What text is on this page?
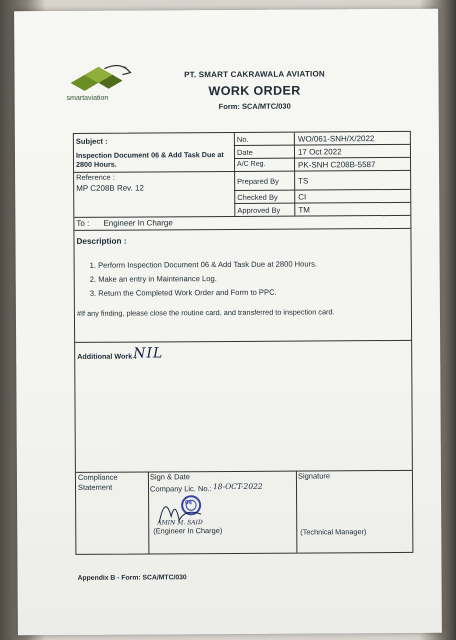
smartaviation
PT. SMART CAKRAWALA AVIATION
WORK ORDER
Form: SCA/MTC/030
Subject :
Inspection Document 06 & Add Task Due at
2800 Hours.
Reference :
MP C208B Rev. 12
No.
Date
A/C Reg.
Prepared By
Checked By
Approved By
WO/061-SNH/X/2022
17 Oct 2022
PK-SNH C208B-5587
TS
CI
TM
To : Engineer In Charge
Description :
1. Perform Inspection Document 06 & Add Task Due at 2800 Hours.
2. Make an entry in Maintenance Log.
3. Return the Completed Work Order and Form to PPC.
#If any finding, please close the routine card, and transferred to inspection card.
Additional Work :
NIL
Compliance
Statement
Sign & Date
Company Lic. No.: 18-OCT-2022
Signature
04
AMIN M. SAID
(Engineer In Charge)	(Technical Manager)
Appendix B - Form: SCA/MTC/030
